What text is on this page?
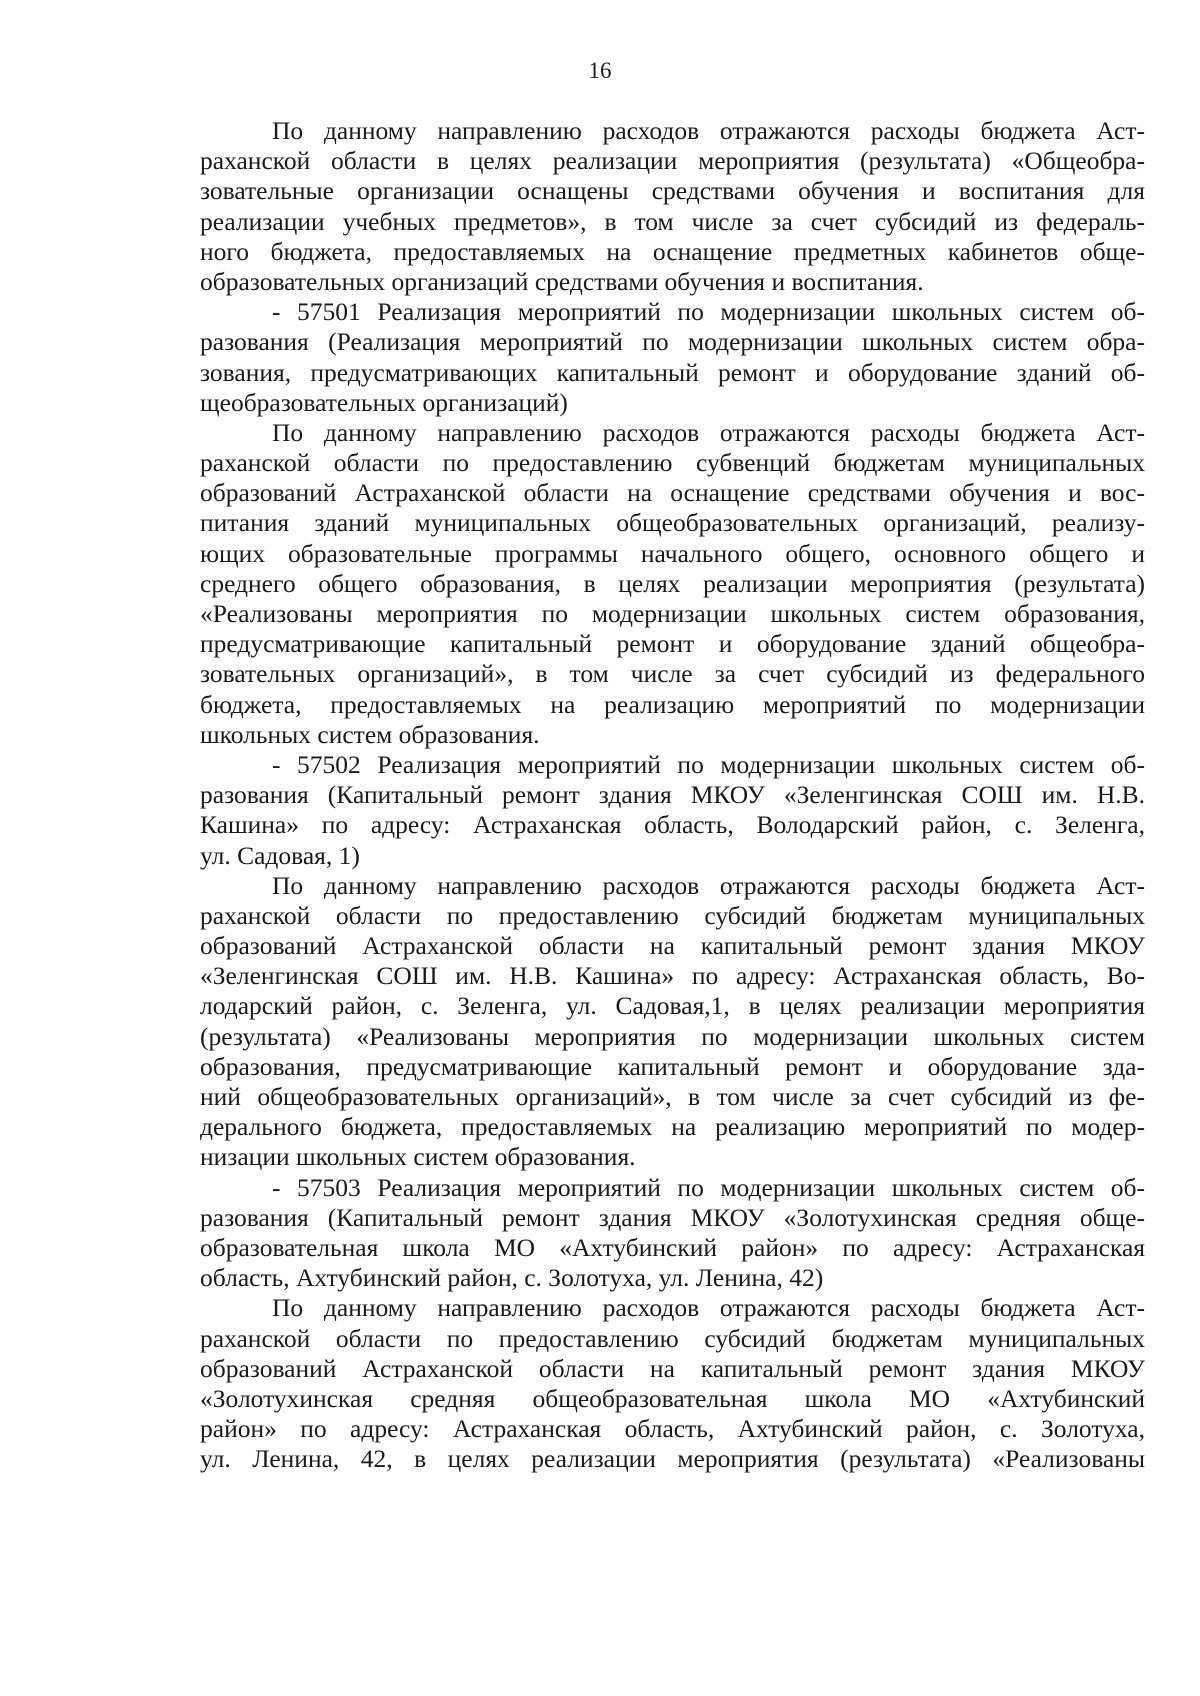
16
По данному направлению расходов отражаются расходы бюджета Аст-
раханской области в целях реализации мероприятия (результата) «Общеобра-
зовательные организации оснащены средствами обучения и воспитания для
реализации учебных предметов», в том числе за счет субсидий из федераль-
ного бюджета, предоставляемых на оснащение предметных кабинетов обще-
образовательных организаций средствами обучения и воспитания.
- 57501 Реализация мероприятий по модернизации школьных систем об-
разования (Реализация мероприятий по модернизации школьных систем обра-
зования, предусматривающих капитальный ремонт и оборудование зданий об-
щеобразовательных организаций)
По данному направлению расходов отражаются расходы бюджета Аст-
раханской области по предоставлению субвенций бюджетам муниципальных
образований Астраханской области на оснащение средствами обучения и вос-
питания зданий муниципальных общеобразовательных организаций, реализу-
ющих образовательные программы начального общего, основного общего и
среднего общего образования, в целях реализации мероприятия (результата)
«Реализованы мероприятия по модернизации школьных систем образования,
предусматривающие капитальный ремонт и оборудование зданий общеобра-
зовательных организаций», в том числе за счет субсидий из федерального
бюджета, предоставляемых на реализацию мероприятий по модернизации
школьных систем образования.
- 57502 Реализация мероприятий по модернизации школьных систем об-
разования (Капитальный ремонт здания МКОУ «Зеленгинская СОШ им. Н.В.
Кашина» по адресу: Астраханская область, Володарский район, с. Зеленга,
ул. Садовая, 1)
По данному направлению расходов отражаются расходы бюджета Аст-
раханской области по предоставлению субсидий бюджетам муниципальных
образований Астраханской области на капитальный ремонт здания МКОУ
«Зеленгинская СОШ им. Н.В. Кашина» по адресу: Астраханская область, Во-
лодарский район, с. Зеленга, ул. Садовая,1, в целях реализации мероприятия
(результата) «Реализованы мероприятия по модернизации школьных систем
образования, предусматривающие капитальный ремонт и оборудование зда-
ний общеобразовательных организаций», в том числе за счет субсидий из фе-
дерального бюджета, предоставляемых на реализацию мероприятий по модер-
низации школьных систем образования.
- 57503 Реализация мероприятий по модернизации школьных систем об-
разования (Капитальный ремонт здания МКОУ «Золотухинская средняя обще-
образовательная школа МО «Ахтубинский район» по адресу: Астраханская
область, Ахтубинский район, с. Золотуха, ул. Ленина, 42)
По данному направлению расходов отражаются расходы бюджета Аст-
раханской области по предоставлению субсидий бюджетам муниципальных
образований Астраханской области на капитальный ремонт здания МКОУ
«Золотухинская средняя общеобразовательная школа МО «Ахтубинский
район» по адресу: Астраханская область, Ахтубинский район, с. Золотуха,
ул. Ленина, 42, в целях реализации мероприятия (результата) «Реализованы
